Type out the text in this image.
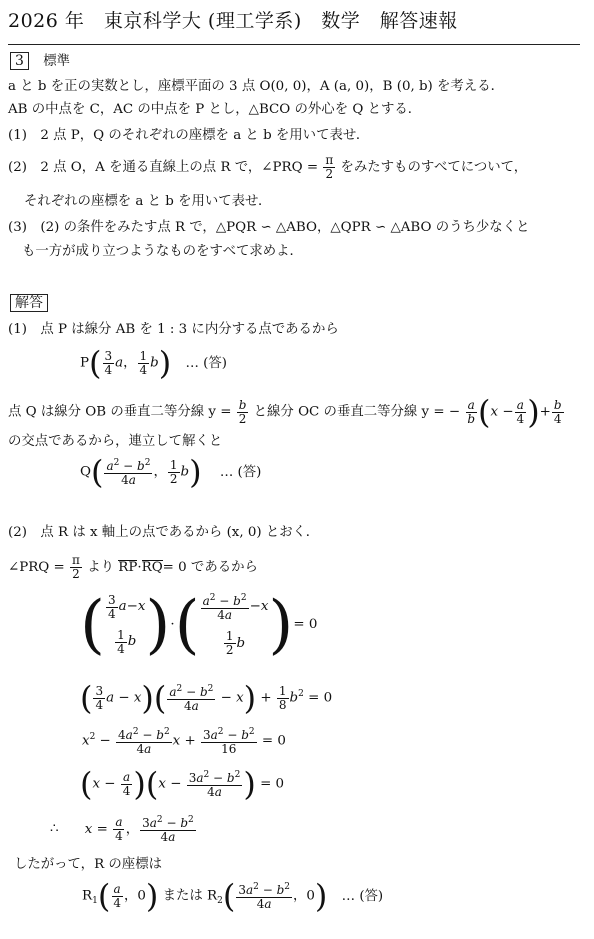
2026 年　東京科学大 (理工学系)　数学　解答速報
3 標準
a と b を正の実数とし，座標平面の 3 点 O(0, 0)，A (a, 0)，B (0, b) を考える．
AB の中点を C，AC の中点を P とし，△BCO の外心を Q とする．
(1)　2 点 P，Q のそれぞれの座標を a と b を用いて表せ．
(2)　2 点 O，A を通る直線上の点 R で，∠PRQ = $\frac{\pi}{2}$ をみたすものすべてについて，
それぞれの座標を a と b を用いて表せ．
(3)　(2) の条件をみたす点 R で，△PQR ∽ △ABO，△QPR ∽ △ABO のうち少なくと
も一方が成り立つようなものをすべて求めよ．
解答
(1)　点 P は線分 AB を 1 : 3 に内分する点であるから
$P( \frac{3}{4}$ a， $\frac{1}{4} b$) … (答)
点 Q は線分 OB の垂直二等分線 $y = \frac{b}{2}$ と線分 OC の垂直二等分線 y = − $\frac{a}{b} (x - \frac{a}{4}$ )+ $\frac{b}{4}$
の交点であるから，連立して解くと
$Q( \frac{a^2 - b^2}{4a}$ ， $\frac{1}{2} b$) … (答)
(2)　点 R は x 軸上の点であるから (x, 0) とおく．
∠PRQ = $\frac{\pi}{2}$ より RP·RQ= 0 であるから
( 3
4 a − x
1
4 b ) · ( $a^2 - b^2$
4a
− x
1
2 b ) = 0
( $\frac{3}{4}$ $a - x)( \frac{a^2 - b^2}{4a} - x) + \frac{1}{8} b^2 = 0$
$x^2 - \frac{4a^2 - b^2}{4a}$ $x + \frac{3a^2 - b^2}{16} = 0$
$(x - \frac{a}{4} )(x - \frac{3a^2 - b^2}{4a}$ ) = 0
∴ $x = \frac{a}{4}$ ， $\frac{3a^2 - b^2}{4a}$
したがって，R の座標は
$R_1( \frac{a}{4}$ ，0) または $R_2( \frac{3a^2 - b^2}{4a}$ ，0) … (答)
